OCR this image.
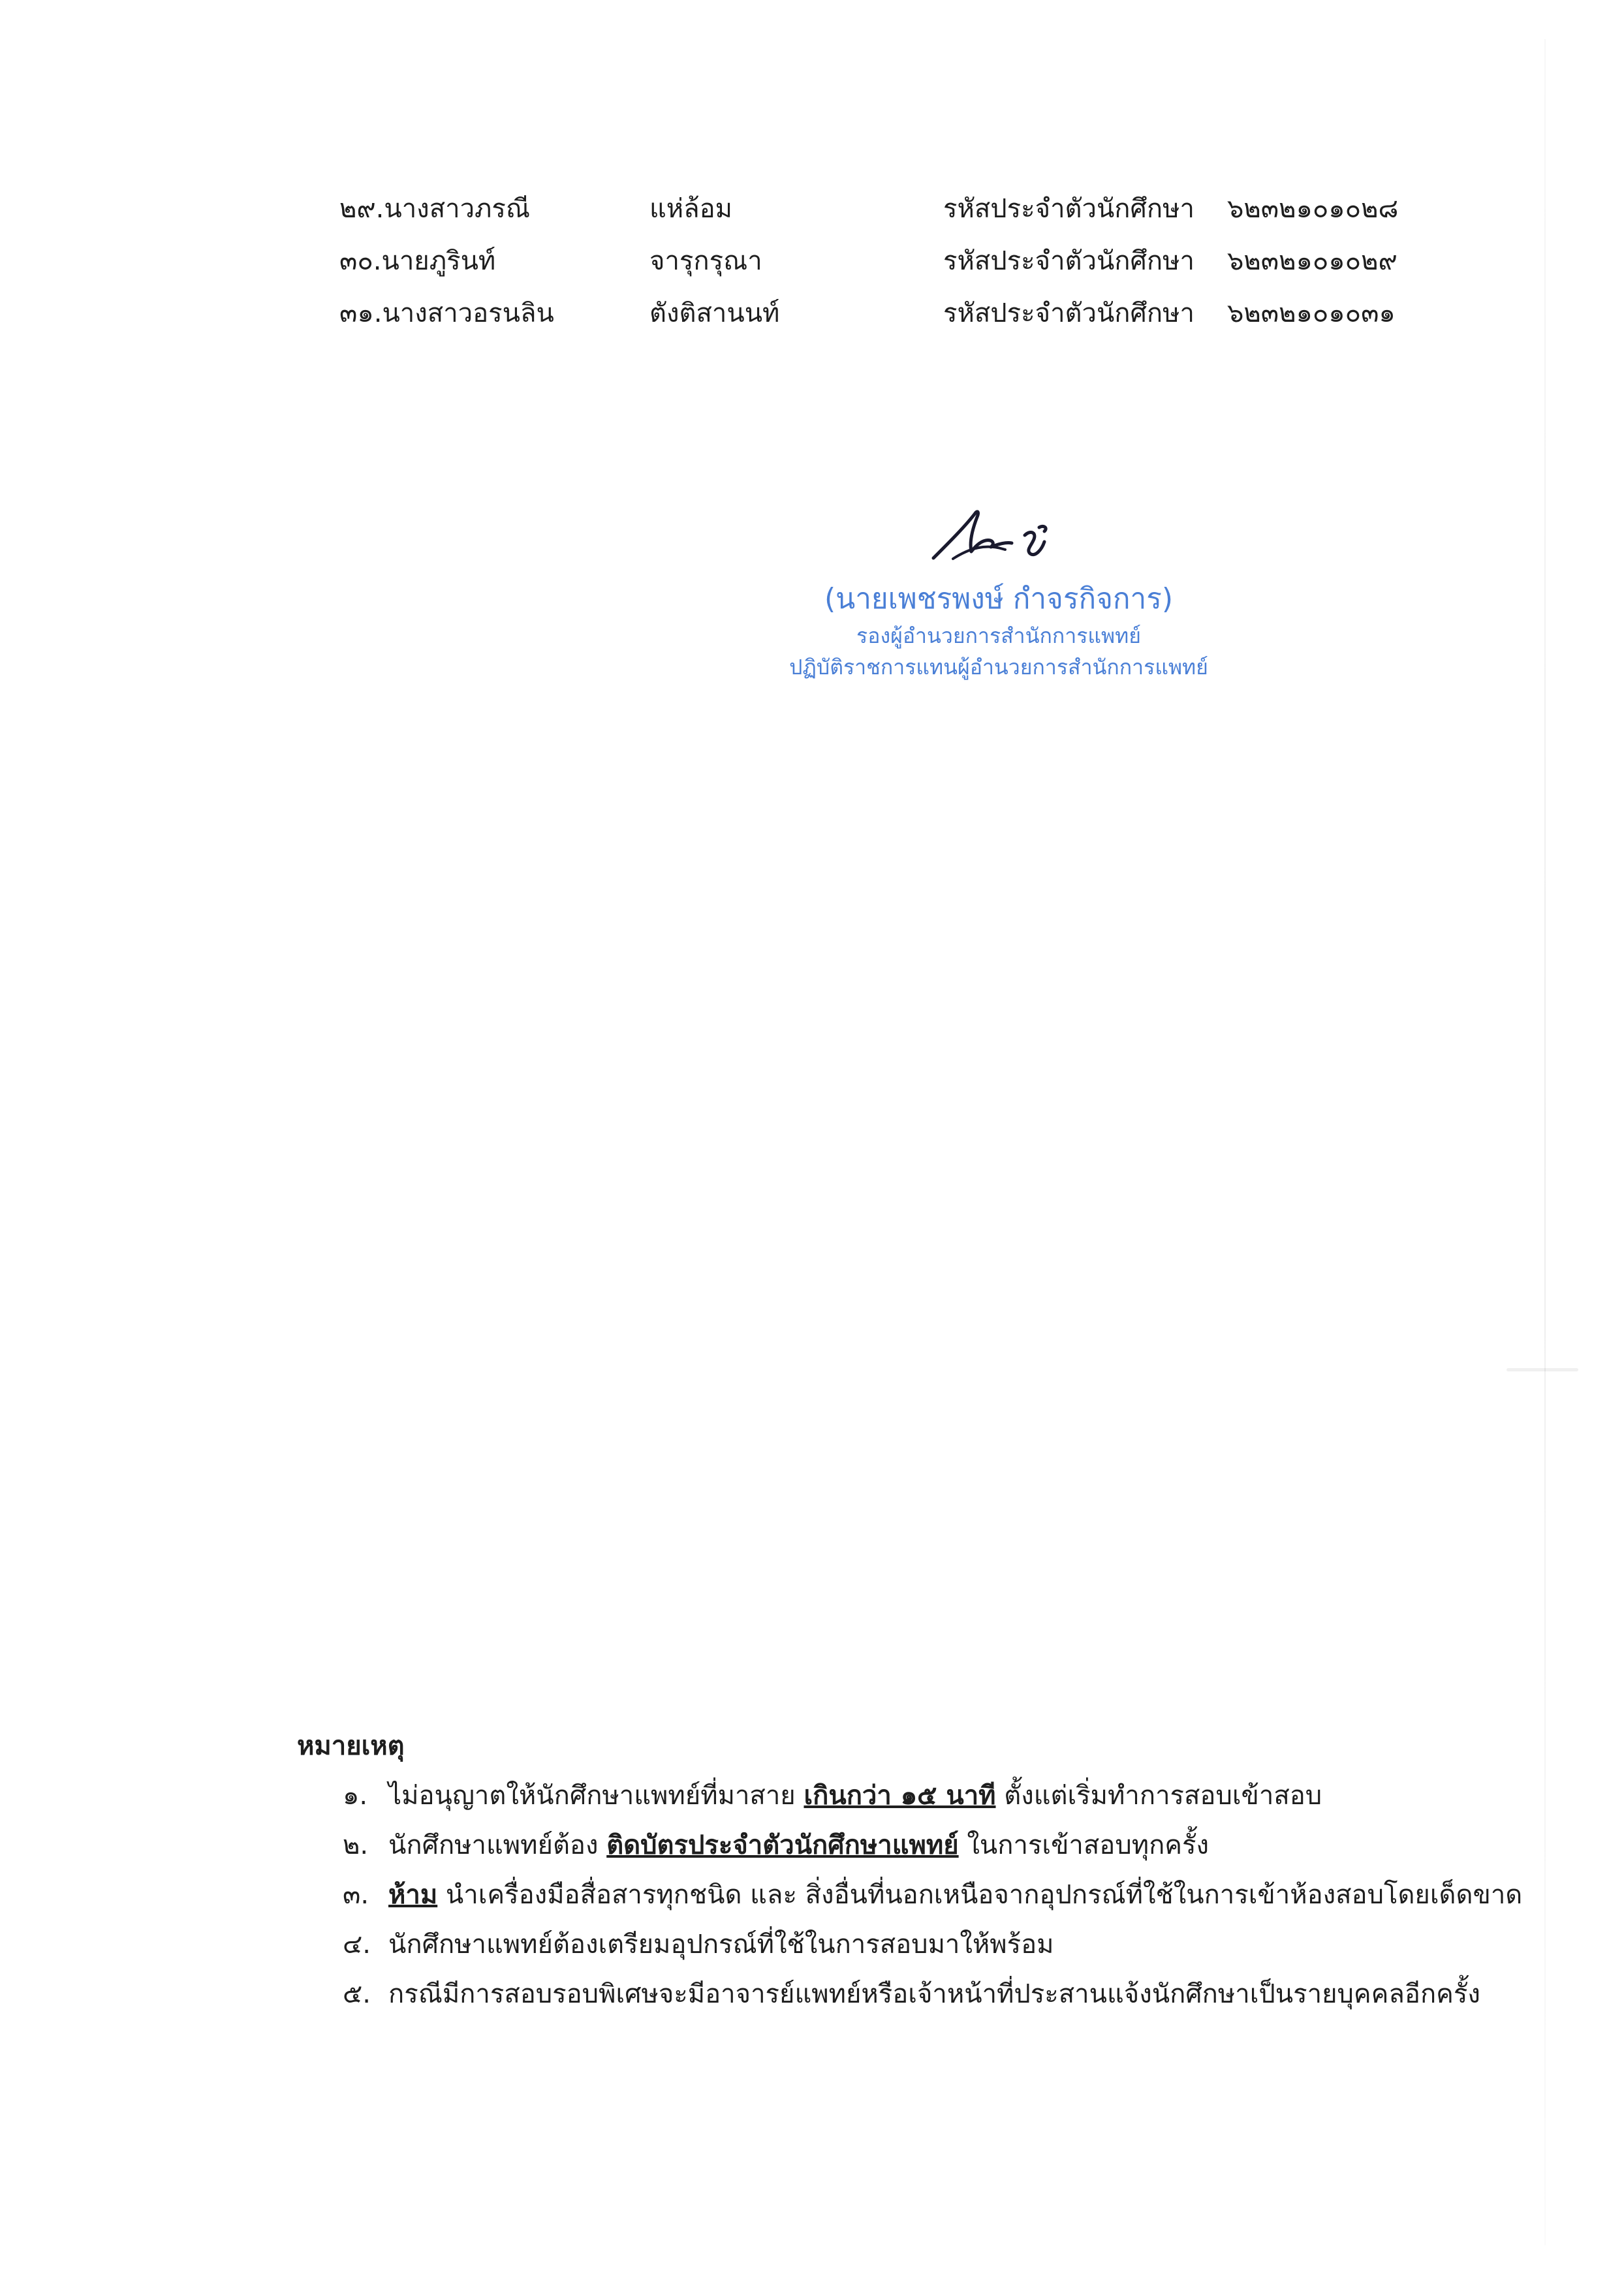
๒๙.นางสาวภรณี	แห่ล้อม	รหัสประจำตัวนักศึกษา ๖๒๓๒๑๐๑๐๒๘
๓๐.นายภูรินท์	จารุกรุณา	รหัสประจำตัวนักศึกษา ๖๒๓๒๑๐๑๐๒๙
๓๑.นางสาวอรนลิน	ตังติสานนท์	รหัสประจำตัวนักศึกษา ๖๒๓๒๑๐๑๐๓๑
(นายเพชรพงษ์ กำจรกิจการ)
รองผู้อำนวยการสำนักการแพทย์
ปฏิบัติราชการแทนผู้อำนวยการสำนักการแพทย์
หมายเหตุ
๑. ไม่อนุญาตให้นักศึกษาแพทย์ที่มาสาย เกินกว่า ๑๕ นาที ตั้งแต่เริ่มทำการสอบเข้าสอบ
๒. นักศึกษาแพทย์ต้อง ติดบัตรประจำตัวนักศึกษาแพทย์ ในการเข้าสอบทุกครั้ง
๓. ห้าม นำเครื่องมือสื่อสารทุกชนิด และ สิ่งอื่นที่นอกเหนือจากอุปกรณ์ที่ใช้ในการเข้าห้องสอบโดยเด็ดขาด
๔. นักศึกษาแพทย์ต้องเตรียมอุปกรณ์ที่ใช้ในการสอบมาให้พร้อม
๕. กรณีมีการสอบรอบพิเศษจะมีอาจารย์แพทย์หรือเจ้าหน้าที่ประสานแจ้งนักศึกษาเป็นรายบุคคลอีกครั้ง
